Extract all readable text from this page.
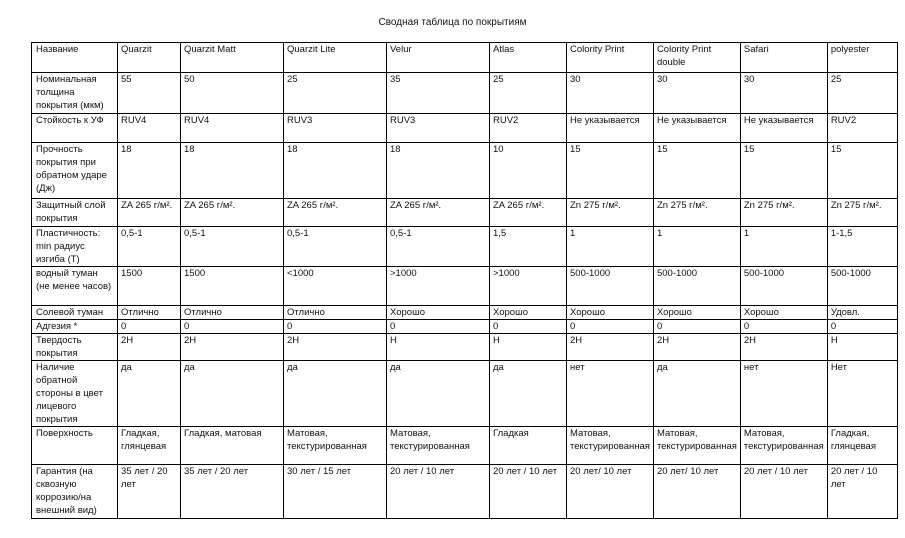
Сводная таблица по покрытиям
Название	Quarzit	Quarzit Matt	Quarzit Lite	Velur	Atlas	Colority Print	Colority Print double	Safari	polyester
Номинальная толщина покрытия (мкм)	55	50	25	35	25	30	30	30	25
Стойкость к УФ	RUV4	RUV4	RUV3	RUV3	RUV2	Не указывается	Не указывается	Не указывается	RUV2
Прочность покрытия при обратном ударе (Дж)	18	18	18	18	10	15	15	15	15
Защитный слой покрытия	ZA 265 г/м².	ZA 265 г/м².	ZA 265 г/м².	ZA 265 г/м².	ZA 265 г/м².	Zn 275 г/м².	Zn 275 г/м².	Zn 275 г/м².	Zn 275 г/м².
Пластичность: min радиус изгиба (Т)	0,5-1	0,5-1	0,5-1	0,5-1	1,5	1	1	1	1-1,5
водный туман (не менее часов)	1500	1500	<1000	>1000	>1000	500-1000	500-1000	500-1000	500-1000
Солевой туман	Отлично	Отлично	Отлично	Хорошо	Хорошо	Хорошо	Хорошо	Хорошо	Удовл.
Адгезия *	0	0	0	0	0	0	0	0	0
Твердость покрытия	2H	2H	2H	H	H	2H	2H	2H	H
Наличие обратной стороны в цвет лицевого покрытия	да	да	да	да	да	нет	да	нет	Нет
Поверхность	Гладкая, глянцевая	Гладкая, матовая	Матовая, текстурированная	Матовая, текстурированная	Гладкая	Матовая, текстурированная	Матовая, текстурированная	Матовая, текстурированная	Гладкая, глянцевая
Гарантия (на сквозную коррозию/на внешний вид)	35 лет / 20 лет	35 лет / 20 лет	30 лет / 15 лет	20 лет / 10 лет	20 лет / 10 лет	20 лет/ 10 лет	20 лет/ 10 лет	20 лет / 10 лет	20 лет / 10 лет
